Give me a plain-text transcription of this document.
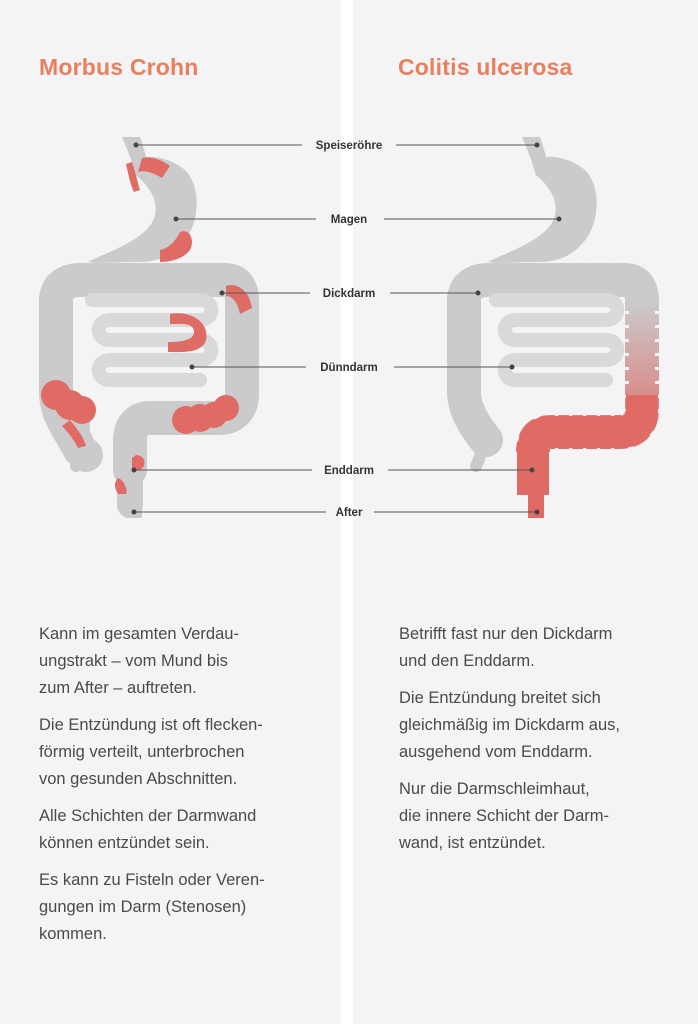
Morbus Crohn	Colitis ulcerosa
Speiseröhre
Magen
Dickdarm
Dünndarm
Enddarm
After

Kann im gesamten Verdau-
ungstrakt – vom Mund bis
zum After – auftreten.

Die Entzündung ist oft flecken-
förmig verteilt, unterbrochen
von gesunden Abschnitten.

Alle Schichten der Darmwand
können entzündet sein.

Es kann zu Fisteln oder Veren-
gungen im Darm (Stenosen)
kommen.

Betrifft fast nur den Dickdarm
und den Enddarm.

Die Entzündung breitet sich
gleichmäßig im Dickdarm aus,
ausgehend vom Enddarm.

Nur die Darmschleimhaut,
die innere Schicht der Darm-
wand, ist entzündet.
